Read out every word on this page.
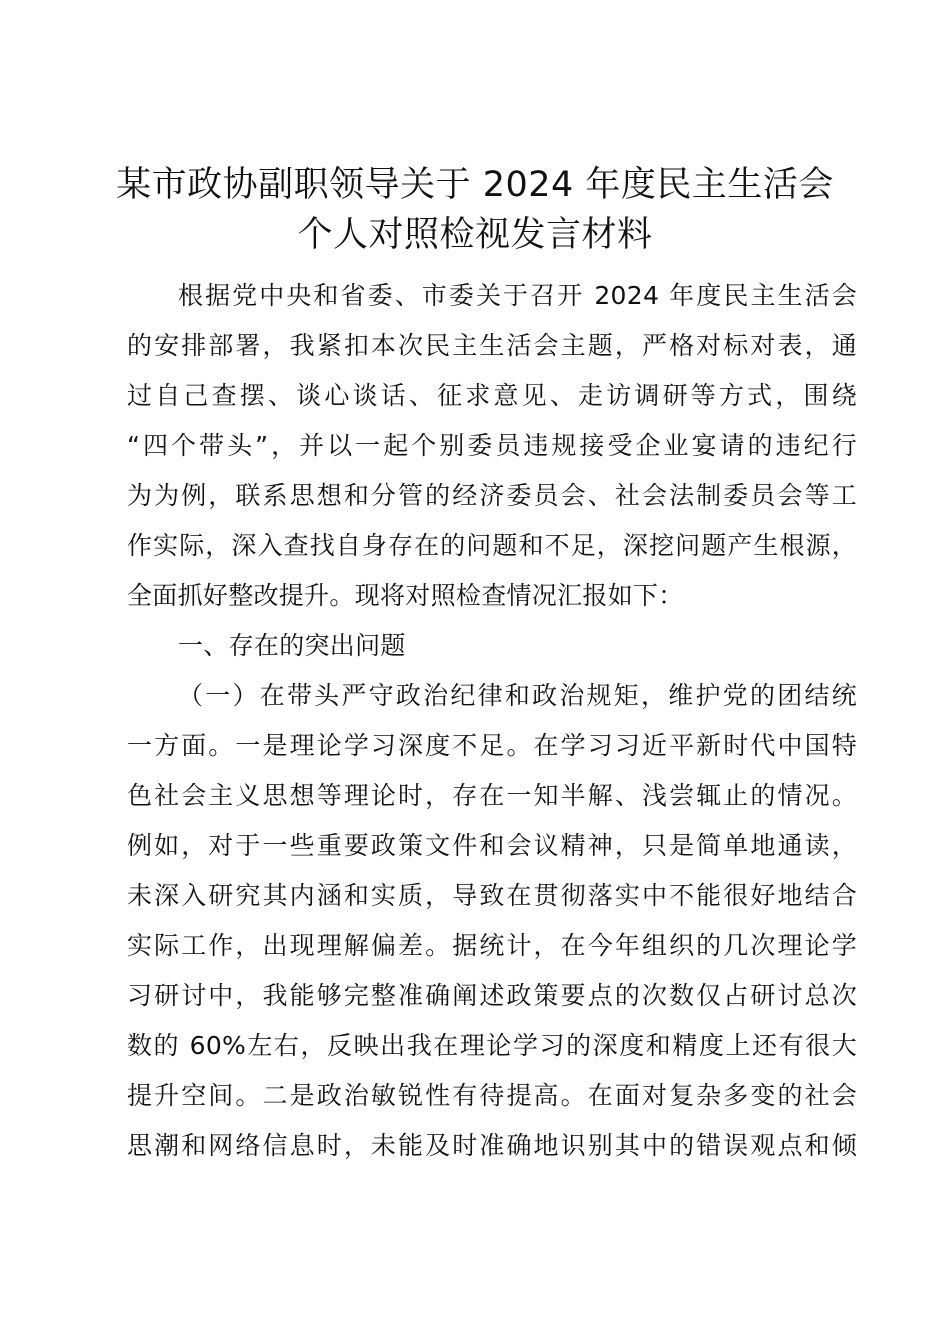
某市政协副职领导关于 2024 年度民主生活会
个人对照检视发言材料
根据党中央和省委、市委关于召开 2024 年度民主生活会
的安排部署，我紧扣本次民主生活会主题，严格对标对表，通
过自己查摆、谈心谈话、征求意见、走访调研等方式，围绕
“四个带头”，并以一起个别委员违规接受企业宴请的违纪行
为为例，联系思想和分管的经济委员会、社会法制委员会等工
作实际，深入查找自身存在的问题和不足，深挖问题产生根源，
全面抓好整改提升。现将对照检查情况汇报如下：
一、存在的突出问题
（一）在带头严守政治纪律和政治规矩，维护党的团结统
一方面。一是理论学习深度不足。在学习习近平新时代中国特
色社会主义思想等理论时，存在一知半解、浅尝辄止的情况。
例如，对于一些重要政策文件和会议精神，只是简单地通读，
未深入研究其内涵和实质，导致在贯彻落实中不能很好地结合
实际工作，出现理解偏差。据统计，在今年组织的几次理论学
习研讨中，我能够完整准确阐述政策要点的次数仅占研讨总次
数的 60%左右，反映出我在理论学习的深度和精度上还有很大
提升空间。二是政治敏锐性有待提高。在面对复杂多变的社会
思潮和网络信息时，未能及时准确地识别其中的错误观点和倾
